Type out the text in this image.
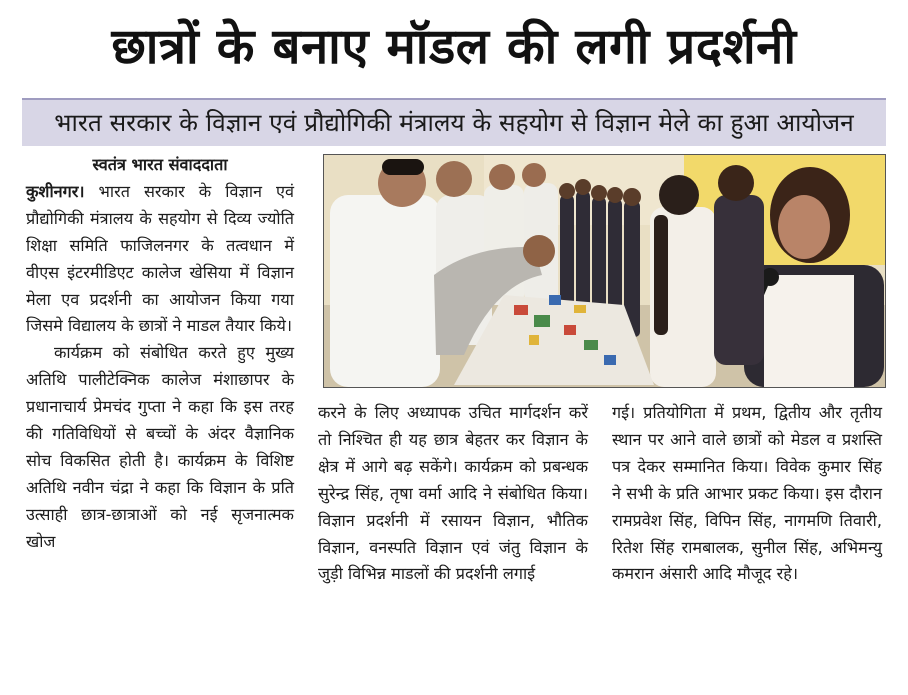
छात्रों के बनाए मॉडल की लगी प्रदर्शनी
भारत सरकार के विज्ञान एवं प्रौद्योगिकी मंत्रालय के सहयोग से विज्ञान मेले का हुआ आयोजन

स्वतंत्र भारत संवाददाता

कुशीनगर। भारत सरकार के विज्ञान एवं प्रौद्योगिकी मंत्रालय के सहयोग से दिव्य ज्योति शिक्षा समिति फाजिलनगर के तत्वधान में वीएस इंटरमीडिएट कालेज खेसिया में विज्ञान मेला एव प्रदर्शनी का आयोजन किया गया जिसमे विद्यालय के छात्रों ने माडल तैयार किये।

कार्यक्रम को संबोधित करते हुए मुख्य अतिथि पालीटेक्निक कालेज मंशाछापर के प्रधानाचार्य प्रेमचंद गुप्ता ने कहा कि इस तरह की गतिविधियों से बच्चों के अंदर वैज्ञानिक सोच विकसित होती है। कार्यक्रम के विशिष्ट अतिथि नवीन चंद्रा ने कहा कि विज्ञान के प्रति उत्साही छात्र-छात्राओं को नई सृजनात्मक खोज

करने के लिए अध्यापक उचित मार्गदर्शन करें तो निश्चित ही यह छात्र बेहतर कर विज्ञान के क्षेत्र में आगे बढ़ सकेंगे। कार्यक्रम को प्रबन्धक सुरेन्द्र सिंह, तृषा वर्मा आदि ने संबोधित किया। विज्ञान प्रदर्शनी में रसायन विज्ञान, भौतिक विज्ञान, वनस्पति विज्ञान एवं जंतु विज्ञान के जुड़ी विभिन्न माडलों की प्रदर्शनी लगाई

गई। प्रतियोगिता में प्रथम, द्वितीय और तृतीय स्थान पर आने वाले छात्रों को मेडल व प्रशस्ति पत्र देकर सम्मानित किया। विवेक कुमार सिंह ने सभी के प्रति आभार प्रकट किया। इस दौरान रामप्रवेश सिंह, विपिन सिंह, नागमणि तिवारी, रितेश सिंह रामबालक, सुनील सिंह, अभिमन्यु कमरान अंसारी आदि मौजूद रहे।
